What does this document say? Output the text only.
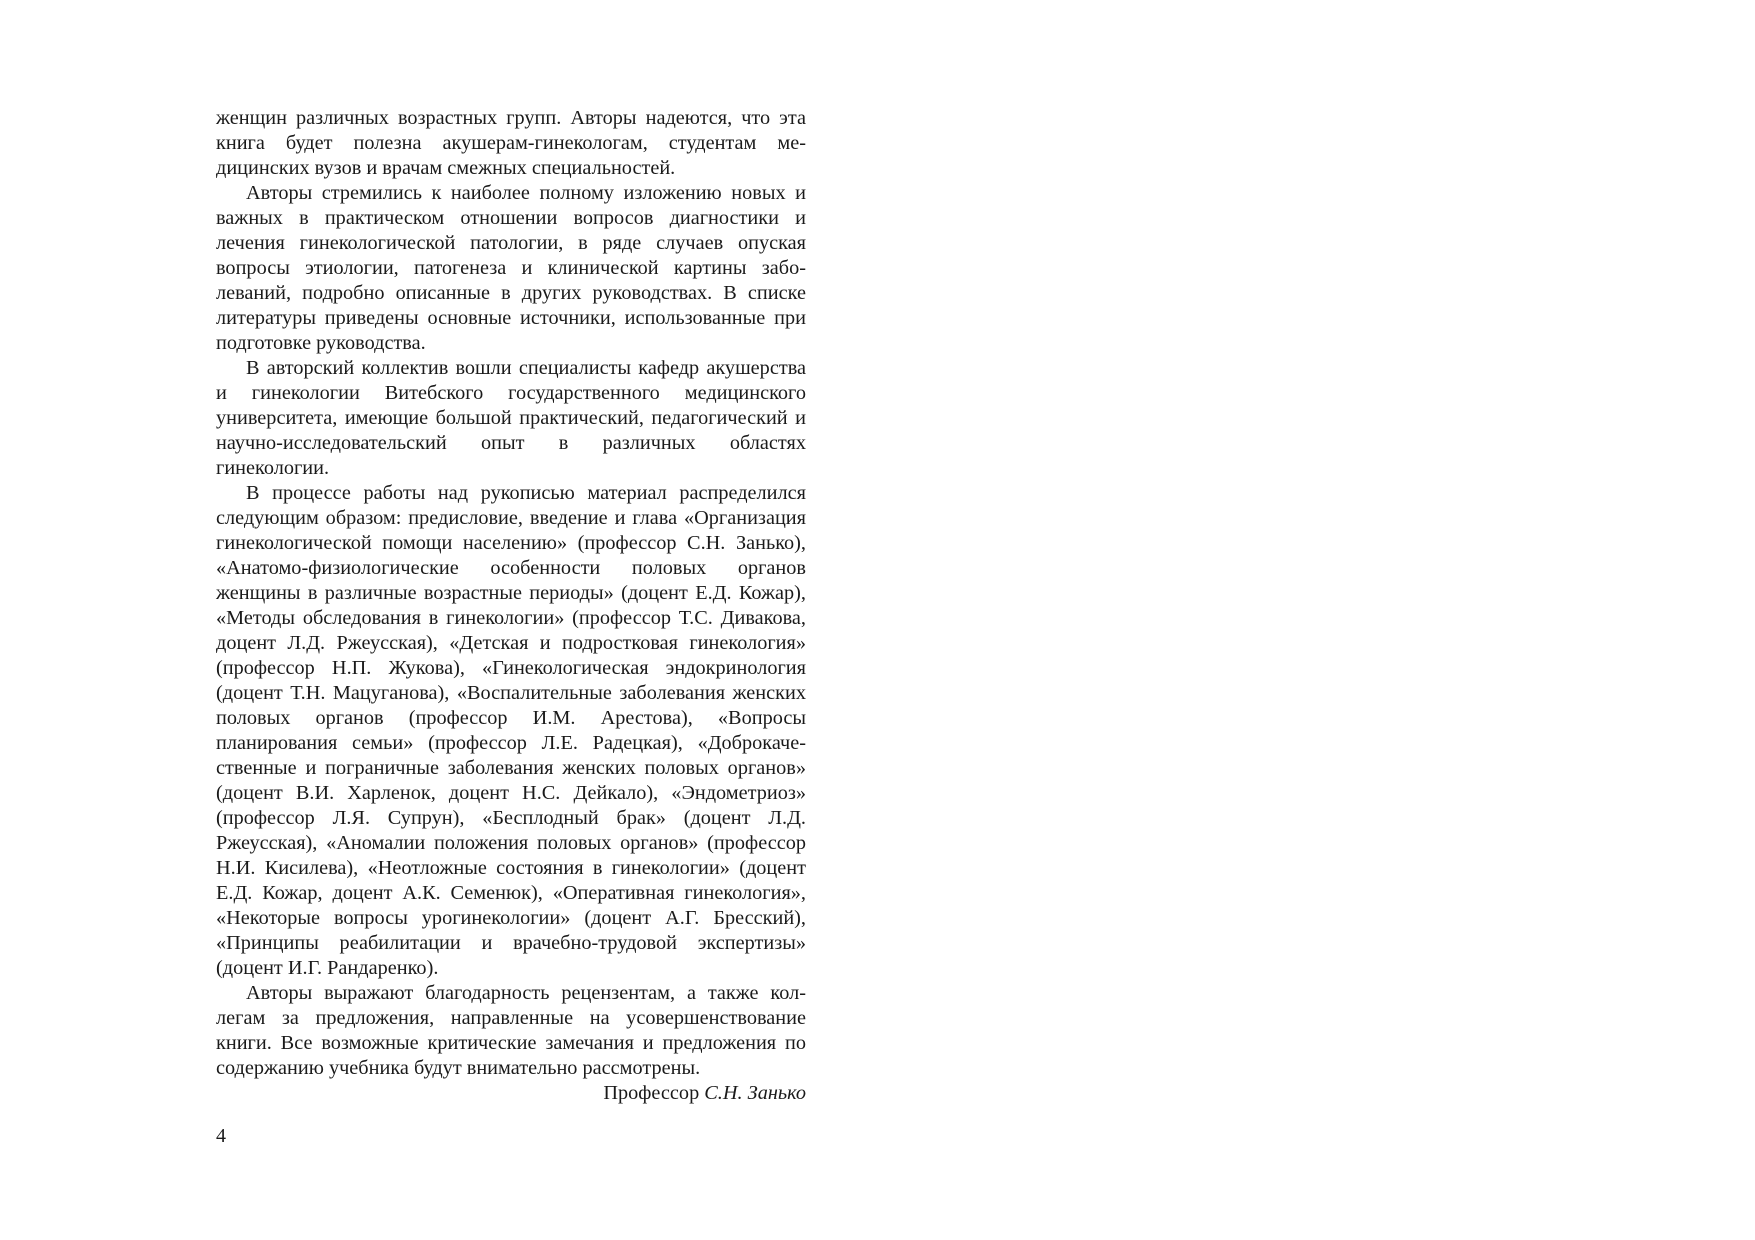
женщин различных возрастных групп. Авторы надеются, что эта книга будет полезна акушерам-гинекологам, студентам медицинских вузов и врачам смежных специальностей.

Авторы стремились к наиболее полному изложению новых и важных в практическом отношении вопросов диагностики и лечения гинекологической патологии, в ряде случаев опуская вопросы этиологии, патогенеза и клинической картины заболеваний, подробно описанные в других руководствах. В списке литературы приведены основные источники, использованные при подготовке руководства.

В авторский коллектив вошли специалисты кафедр акушерства и гинекологии Витебского государственного медицинского университета, имеющие большой практический, педагогический и научно-исследовательский опыт в различных областях гинекологии.

В процессе работы над рукописью материал распределился следующим образом: предисловие, введение и глава «Организация гинекологической помощи населению» (профессор С.Н. Занько), «Анатомо-физиологические особенности половых органов женщины в различные возрастные периоды» (доцент Е.Д. Кожар), «Методы обследования в гинекологии» (профессор Т.С. Дивакова, доцент Л.Д. Ржеусская), «Детская и подростковая гинекология» (профессор Н.П. Жукова), «Гинекологическая эндокринология (доцент Т.Н. Мацуганова), «Воспалительные заболевания женских половых органов (профессор И.М. Арестова), «Вопросы планирования семьи» (профессор Л.Е. Радецкая), «Доброкачественные и пограничные заболевания женских половых органов» (доцент В.И. Харленок, доцент Н.С. Дейкало), «Эндометриоз» (профессор Л.Я. Супрун), «Бесплодный брак» (доцент Л.Д. Ржеусская), «Аномалии положения половых органов» (профессор Н.И. Кисилева), «Неотложные состояния в гинекологии» (доцент Е.Д. Кожар, доцент А.К. Семенюк), «Оперативная гинекология», «Некоторые вопросы урогинекологии» (доцент А.Г. Бресский), «Принципы реабилитации и врачебно-трудовой экспертизы» (доцент И.Г. Рандаренко).

Авторы выражают благодарность рецензентам, а также коллегам за предложения, направленные на усовершенствование книги. Все возможные критические замечания и предложения по содержанию учебника будут внимательно рассмотрены.

Профессор С.Н. Занько

4
